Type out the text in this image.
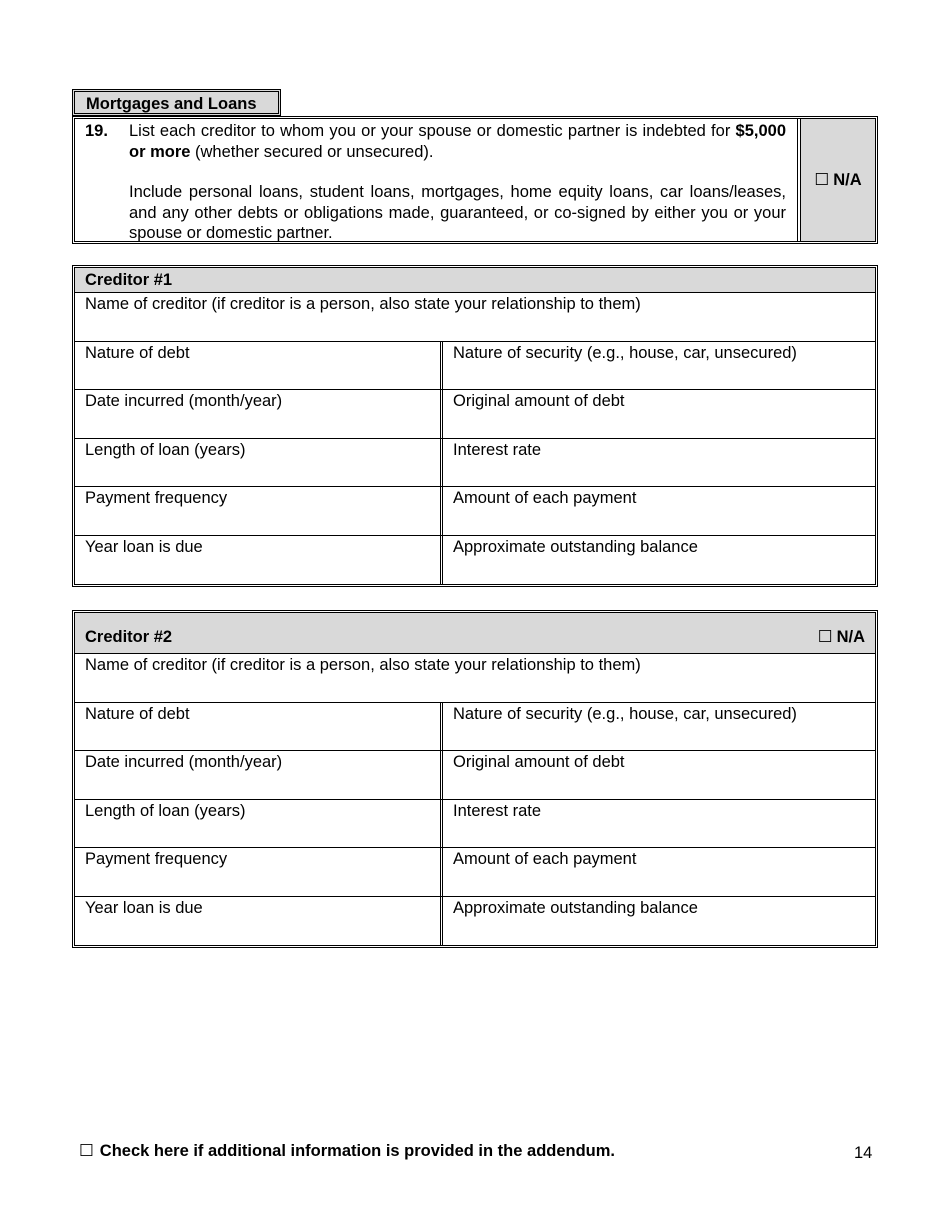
Mortgages and Loans
19. List each creditor to whom you or your spouse or domestic partner is indebted for $5,000 or more (whether secured or unsecured).

Include personal loans, student loans, mortgages, home equity loans, car loans/leases, and any other debts or obligations made, guaranteed, or co-signed by either you or your spouse or domestic partner.

☐ N/A
Creditor #1
Name of creditor (if creditor is a person, also state your relationship to them)
Nature of debt	Nature of security (e.g., house, car, unsecured)
Date incurred (month/year)	Original amount of debt
Length of loan (years)	Interest rate
Payment frequency	Amount of each payment
Year loan is due	Approximate outstanding balance
Creditor #2	☐ N/A
Name of creditor (if creditor is a person, also state your relationship to them)
Nature of debt	Nature of security (e.g., house, car, unsecured)
Date incurred (month/year)	Original amount of debt
Length of loan (years)	Interest rate
Payment frequency	Amount of each payment
Year loan is due	Approximate outstanding balance
☐ Check here if additional information is provided in the addendum.	14
